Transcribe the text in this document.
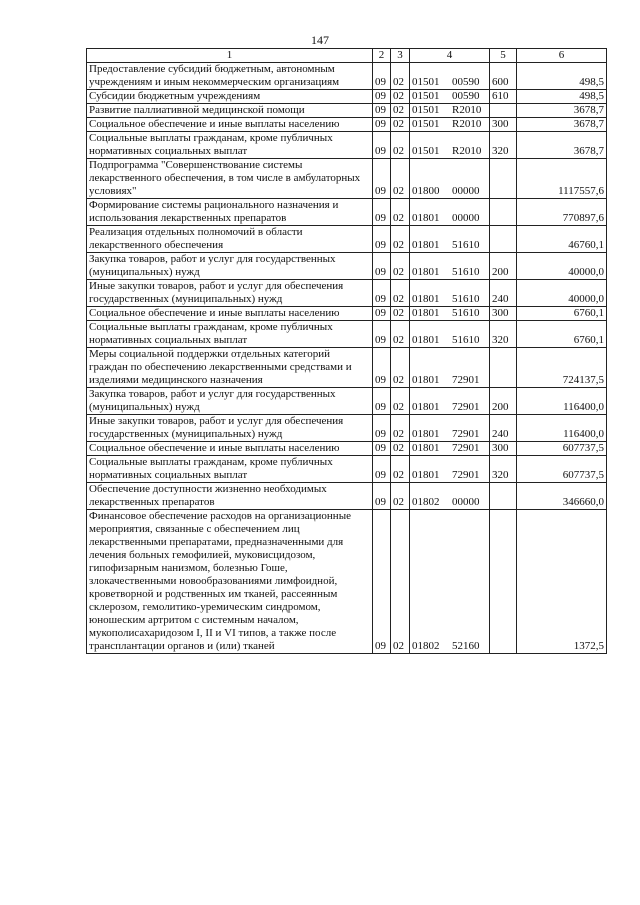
147
1	2	3	4	5	6
Предоставление субсидий бюджетным, автономным учреждениям и иным некоммерческим организациям	09	02	01501 00590	600	498,5
Субсидии бюджетным учреждениям	09	02	01501 00590	610	498,5
Развитие паллиативной медицинской помощи	09	02	01501 R2010		3678,7
Социальное обеспечение и иные выплаты населению	09	02	01501 R2010	300	3678,7
Социальные выплаты гражданам, кроме публичных нормативных социальных выплат	09	02	01501 R2010	320	3678,7
Подпрограмма "Совершенствование системы лекарственного обеспечения, в том числе в амбулаторных условиях"	09	02	01800 00000		1117557,6
Формирование системы рационального назначения и использования лекарственных препаратов	09	02	01801 00000		770897,6
Реализация отдельных полномочий в области лекарственного обеспечения	09	02	01801 51610		46760,1
Закупка товаров, работ и услуг для государственных (муниципальных) нужд	09	02	01801 51610	200	40000,0
Иные закупки товаров, работ и услуг для обеспечения государственных (муниципальных) нужд	09	02	01801 51610	240	40000,0
Социальное обеспечение и иные выплаты населению	09	02	01801 51610	300	6760,1
Социальные выплаты гражданам, кроме публичных нормативных социальных выплат	09	02	01801 51610	320	6760,1
Меры социальной поддержки отдельных категорий граждан по обеспечению лекарственными средствами и изделиями медицинского назначения	09	02	01801 72901		724137,5
Закупка товаров, работ и услуг для государственных (муниципальных) нужд	09	02	01801 72901	200	116400,0
Иные закупки товаров, работ и услуг для обеспечения государственных (муниципальных) нужд	09	02	01801 72901	240	116400,0
Социальное обеспечение и иные выплаты населению	09	02	01801 72901	300	607737,5
Социальные выплаты гражданам, кроме публичных нормативных социальных выплат	09	02	01801 72901	320	607737,5
Обеспечение доступности жизненно необходимых лекарственных препаратов	09	02	01802 00000		346660,0
Финансовое обеспечение расходов на организационные мероприятия, связанные с обеспечением лиц лекарственными препаратами, предназначенными для лечения больных гемофилией, муковисцидозом, гипофизарным нанизмом, болезнью Гоше, злокачественными новообразованиями лимфоидной, кроветворной и родственных им тканей, рассеянным склерозом, гемолитико-уремическим синдромом, юношеским артритом с системным началом, мукополисахаридозом I, II и VI типов, а также после трансплантации органов и (или) тканей	09	02	01802 52160		1372,5
